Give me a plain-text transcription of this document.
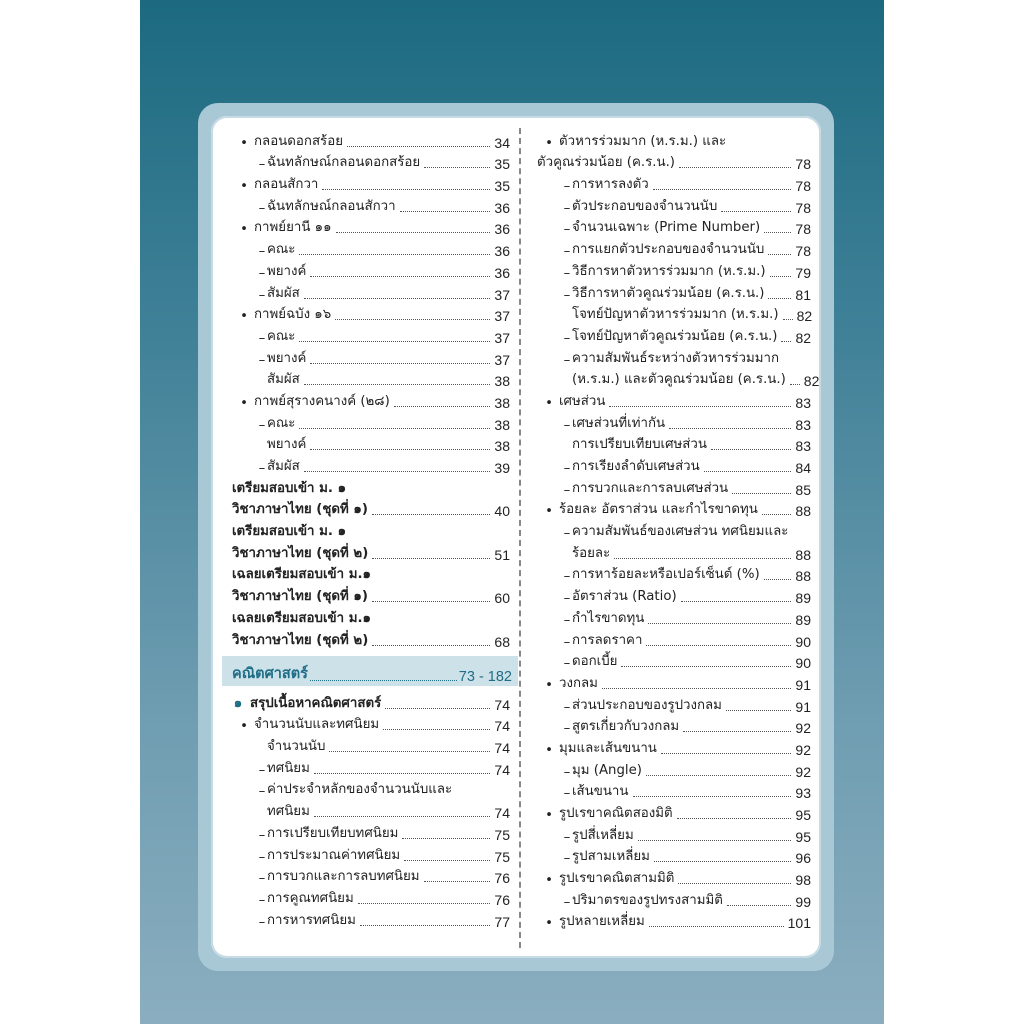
• กลอนดอกสร้อย	34
– ฉันทลักษณ์กลอนดอกสร้อย	35
• กลอนสักวา	35
– ฉันทลักษณ์กลอนสักวา	36
• กาพย์ยานี ๑๑	36
– คณะ	36
– พยางค์	36
– สัมผัส	37
• กาพย์ฉบัง ๑๖	37
– คณะ	37
– พยางค์	37
สัมผัส	38
• กาพย์สุรางคนางค์ (๒๘)	38
– คณะ	38
พยางค์	38
– สัมผัส	39
เตรียมสอบเข้า ม. ๑
วิชาภาษาไทย (ชุดที่ ๑)	40
เตรียมสอบเข้า ม. ๑
วิชาภาษาไทย (ชุดที่ ๒)	51
เฉลยเตรียมสอบเข้า ม.๑
วิชาภาษาไทย (ชุดที่ ๑)	60
เฉลยเตรียมสอบเข้า ม.๑
วิชาภาษาไทย (ชุดที่ ๒)	68
คณิตศาสตร์	73 - 182
๑ สรุปเนื้อหาคณิตศาสตร์	74
• จำนวนนับและทศนิยม	74
จำนวนนับ	74
– ทศนิยม	74
– ค่าประจำหลักของจำนวนนับและ
ทศนิยม	74
– การเปรียบเทียบทศนิยม	75
– การประมาณค่าทศนิยม	75
– การบวกและการลบทศนิยม	76
– การคูณทศนิยม	76
– การหารทศนิยม	77
• ตัวหารร่วมมาก (ห.ร.ม.) และ
ตัวคูณร่วมน้อย (ค.ร.น.)	78
– การหารลงตัว	78
– ตัวประกอบของจำนวนนับ	78
– จำนวนเฉพาะ (Prime Number)	78
– การแยกตัวประกอบของจำนวนนับ 78
– วิธีการหาตัวหารร่วมมาก (ห.ร.ม.) 79
– วิธีการหาตัวคูณร่วมน้อย (ค.ร.น.) 81
โจทย์ปัญหาตัวหารร่วมมาก (ห.ร.ม.) 82
– โจทย์ปัญหาตัวคูณร่วมน้อย (ค.ร.น.) 82
– ความสัมพันธ์ระหว่างตัวหารร่วมมาก
(ห.ร.ม.) และตัวคูณร่วมน้อย (ค.ร.น.) 82
• เศษส่วน	83
– เศษส่วนที่เท่ากัน	83
การเปรียบเทียบเศษส่วน	83
– การเรียงลำดับเศษส่วน	84
– การบวกและการลบเศษส่วน	85
• ร้อยละ อัตราส่วน และกำไรขาดทุน	88
– ความสัมพันธ์ของเศษส่วน ทศนิยมและ
ร้อยละ	88
– การหาร้อยละหรือเปอร์เซ็นต์ (%)	88
– อัตราส่วน (Ratio)	89
– กำไรขาดทุน	89
– การลดราคา	90
– ดอกเบี้ย	90
• วงกลม	91
– ส่วนประกอบของรูปวงกลม	91
– สูตรเกี่ยวกับวงกลม	92
• มุมและเส้นขนาน	92
– มุม (Angle)	92
– เส้นขนาน	93
• รูปเรขาคณิตสองมิติ	95
– รูปสี่เหลี่ยม	95
– รูปสามเหลี่ยม	96
• รูปเรขาคณิตสามมิติ	98
– ปริมาตรของรูปทรงสามมิติ	99
• รูปหลายเหลี่ยม	101
